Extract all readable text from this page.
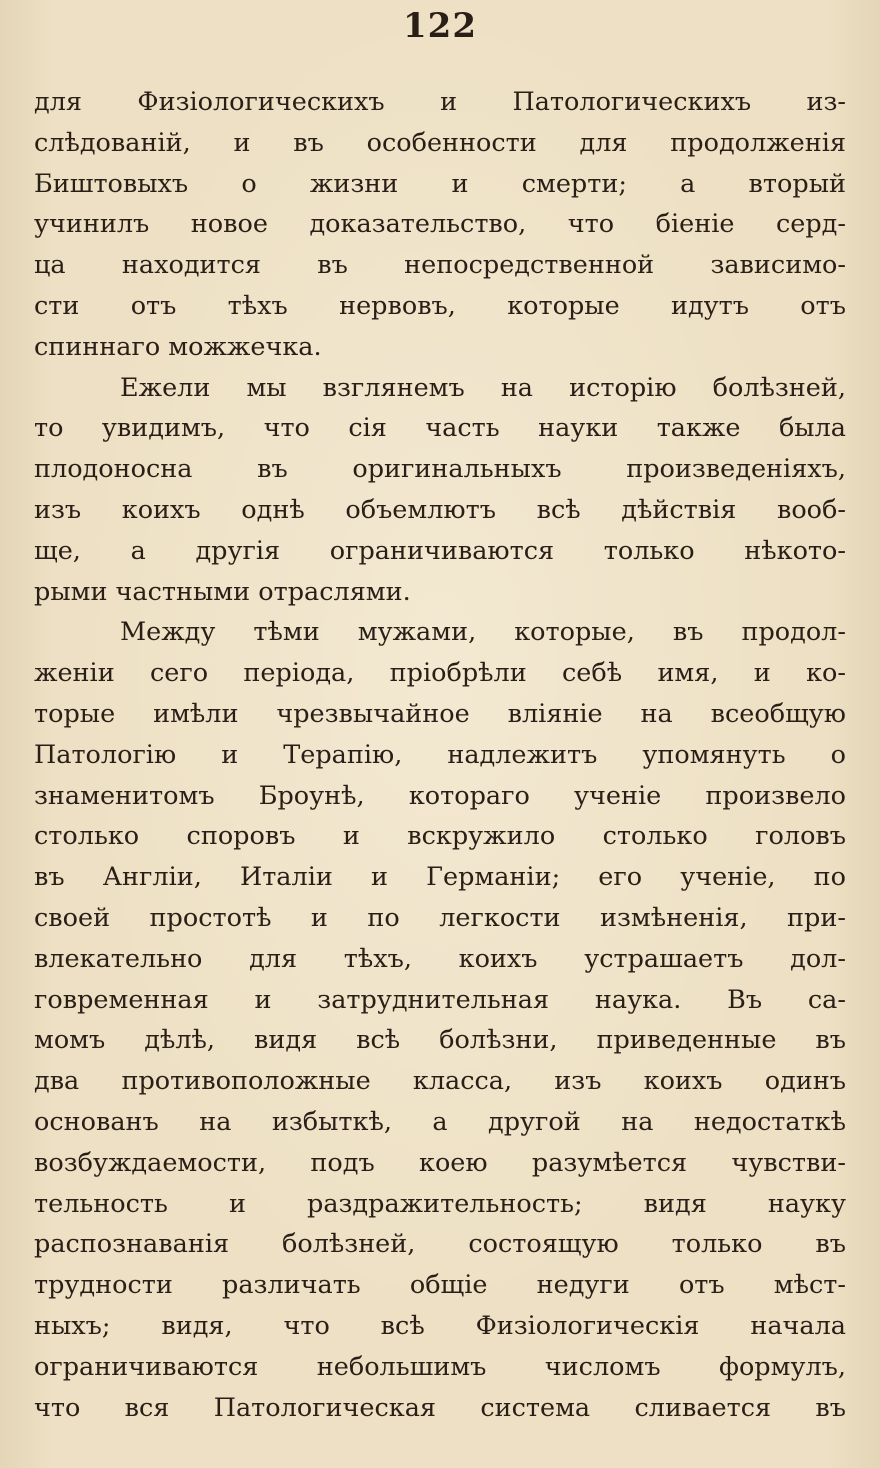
122
для Физіологическихъ и Патологическихъ из-
слѣдованій, и въ особенности для продолженія
Биштовыхъ о жизни и смерти; а вторый
учинилъ новое доказательство, что біеніе серд-
ца находится въ непосредственной зависимо-
сти отъ тѣхъ нервовъ, которые идутъ отъ
спиннаго можжечка.
Ежели мы взглянемъ на исторію болѣзней,
то увидимъ, что сія часть науки также была
плодоносна въ оригинальныхъ произведеніяхъ,
изъ коихъ однѣ объемлютъ всѣ дѣйствія вооб-
ще, а другія ограничиваются только нѣкото-
рыми частными отраслями.
Между тѣми мужами, которые, въ продол-
женіи сего періода, пріобрѣли себѣ имя, и ко-
торые имѣли чрезвычайное вліяніе на всеобщую
Патологію и Терапію, надлежитъ упомянуть о
знаменитомъ Броунѣ, котораго ученіе произвело
столько споровъ и вскружило столько головъ
въ Англіи, Италіи и Германіи; его ученіе, по
своей простотѣ и по легкости измѣненія, при-
влекательно для тѣхъ, коихъ устрашаетъ дол-
говременная и затруднительная наука. Въ са-
момъ дѣлѣ, видя всѣ болѣзни, приведенные въ
два противоположные класса, изъ коихъ одинъ
основанъ на избыткѣ, а другой на недостаткѣ
возбуждаемости, подъ коею разумѣется чувстви-
тельность и раздражительность; видя науку
распознаванія болѣзней, состоящую только въ
трудности различать общіе недуги отъ мѣст-
ныхъ; видя, что всѣ Физіологическія начала
ограничиваются небольшимъ числомъ формулъ,
что вся Патологическая система сливается въ
